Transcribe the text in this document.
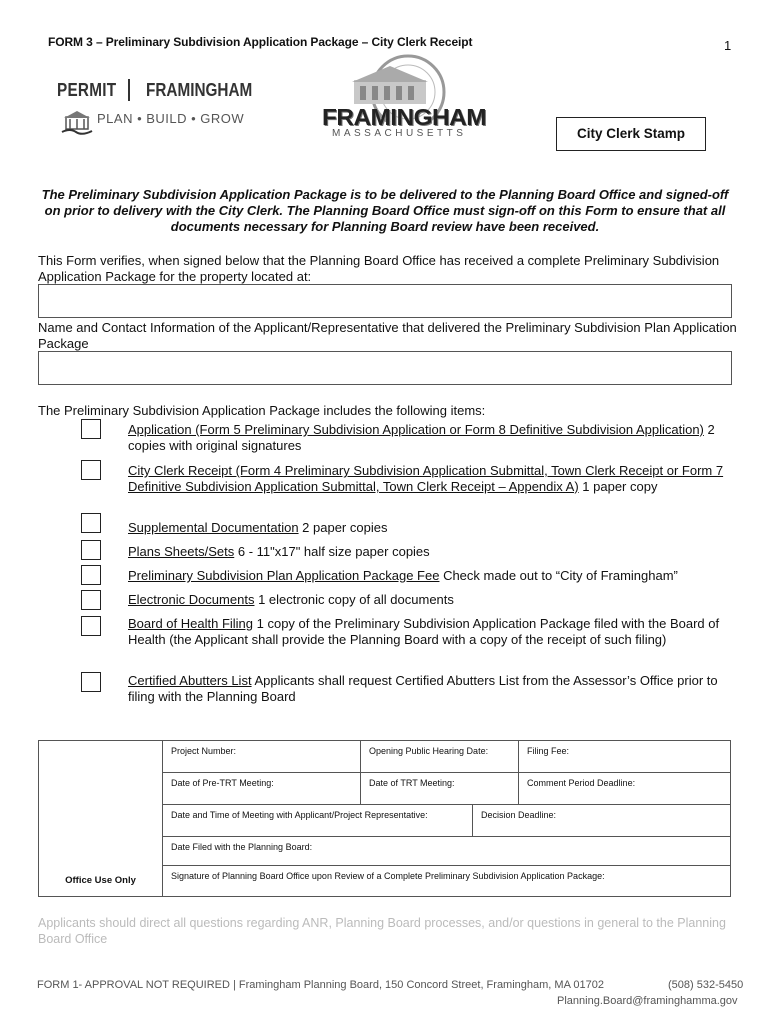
FORM 3 – Preliminary Subdivision Application Package – City Clerk Receipt	1
PERMIT FRAMINGHAM
PLAN • BUILD • GROW	FRAMINGHAM
MASSACHUSETTS	City Clerk Stamp
The Preliminary Subdivision Application Package is to be delivered to the Planning Board Office and signed-off on prior to delivery with the City Clerk. The Planning Board Office must sign-off on this Form to ensure that all documents necessary for Planning Board review have been received.
This Form verifies, when signed below that the Planning Board Office has received a complete Preliminary Subdivision Application Package for the property located at:
Name and Contact Information of the Applicant/Representative that delivered the Preliminary Subdivision Plan Application Package
The Preliminary Subdivision Application Package includes the following items:
Application (Form 5 Preliminary Subdivision Application or Form 8 Definitive Subdivision Application) 2 copies with original signatures
City Clerk Receipt (Form 4 Preliminary Subdivision Application Submittal, Town Clerk Receipt or Form 7 Definitive Subdivision Application Submittal, Town Clerk Receipt – Appendix A) 1 paper copy
Supplemental Documentation 2 paper copies
Plans Sheets/Sets 6 - 11"x17" half size paper copies
Preliminary Subdivision Plan Application Package Fee Check made out to “City of Framingham”
Electronic Documents 1 electronic copy of all documents
Board of Health Filing 1 copy of the Preliminary Subdivision Application Package filed with the Board of Health (the Applicant shall provide the Planning Board with a copy of the receipt of such filing)
Certified Abutters List Applicants shall request Certified Abutters List from the Assessor’s Office prior to filing with the Planning Board
Office Use Only	Project Number:	Opening Public Hearing Date:		Filing Fee:
	Date of Pre-TRT Meeting:	Date of TRT Meeting:		Comment Period Deadline:
	Date and Time of Meeting with Applicant/Project Representative:		Decision Deadline:	
	Date Filed with the Planning Board:			
	Signature of Planning Board Office upon Review of a Complete Preliminary Subdivision Application Package:			
Applicants should direct all questions regarding ANR, Planning Board processes, and/or questions in general to the Planning Board Office
FORM 1- APPROVAL NOT REQUIRED | Framingham Planning Board, 150 Concord Street, Framingham, MA 01702	(508) 532-5450
Planning.Board@framinghamma.gov
